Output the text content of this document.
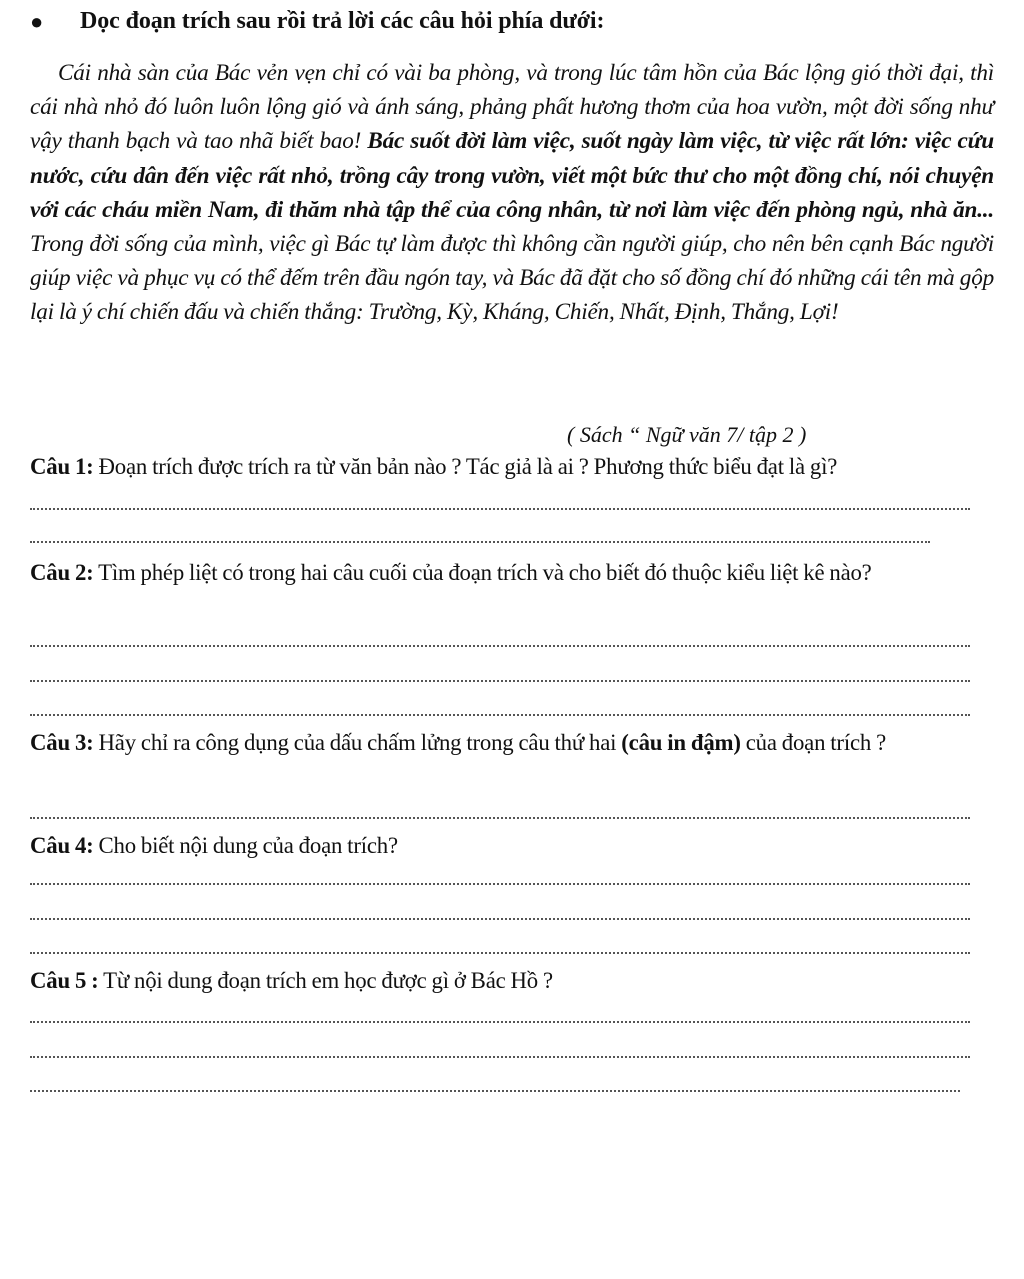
●	Dọc đoạn trích sau rồi trả lời các câu hỏi phía dưới:
Cái nhà sàn của Bác vẻn vẹn chỉ có vài ba phòng, và trong lúc tâm hồn của Bác lộng gió thời đại, thì cái nhà nhỏ đó luôn luôn lộng gió và ánh sáng, phảng phất hương thơm của hoa vườn, một đời sống như vậy thanh bạch và tao nhã biết bao! Bác suốt đời làm việc, suốt ngày làm việc, từ việc rất lớn: việc cứu nước, cứu dân đến việc rất nhỏ, trồng cây trong vườn, viết một bức thư cho một đồng chí, nói chuyện với các cháu miền Nam, đi thăm nhà tập thể của công nhân, từ nơi làm việc đến phòng ngủ, nhà ăn... Trong đời sống của mình, việc gì Bác tự làm được thì không cần người giúp, cho nên bên cạnh Bác người giúp việc và phục vụ có thể đếm trên đầu ngón tay, và Bác đã đặt cho số đồng chí đó những cái tên mà gộp lại là ý chí chiến đấu và chiến thắng: Trường, Kỳ, Kháng, Chiến, Nhất, Định, Thắng, Lợi!
( Sách “ Ngữ văn 7/ tập 2 )
Câu 1: Đoạn trích được trích ra từ văn bản nào ? Tác giả là ai ? Phương thức biểu đạt là gì?
Câu 2: Tìm phép liệt có trong hai câu cuối của đoạn trích và cho biết đó thuộc kiểu liệt kê nào?
Câu 3: Hãy chỉ ra công dụng của dấu chấm lửng trong câu thứ hai (câu in đậm) của đoạn trích ?
Câu 4: Cho biết nội dung của đoạn trích?
Câu 5 : Từ nội dung đoạn trích em học được gì ở Bác Hồ ?
